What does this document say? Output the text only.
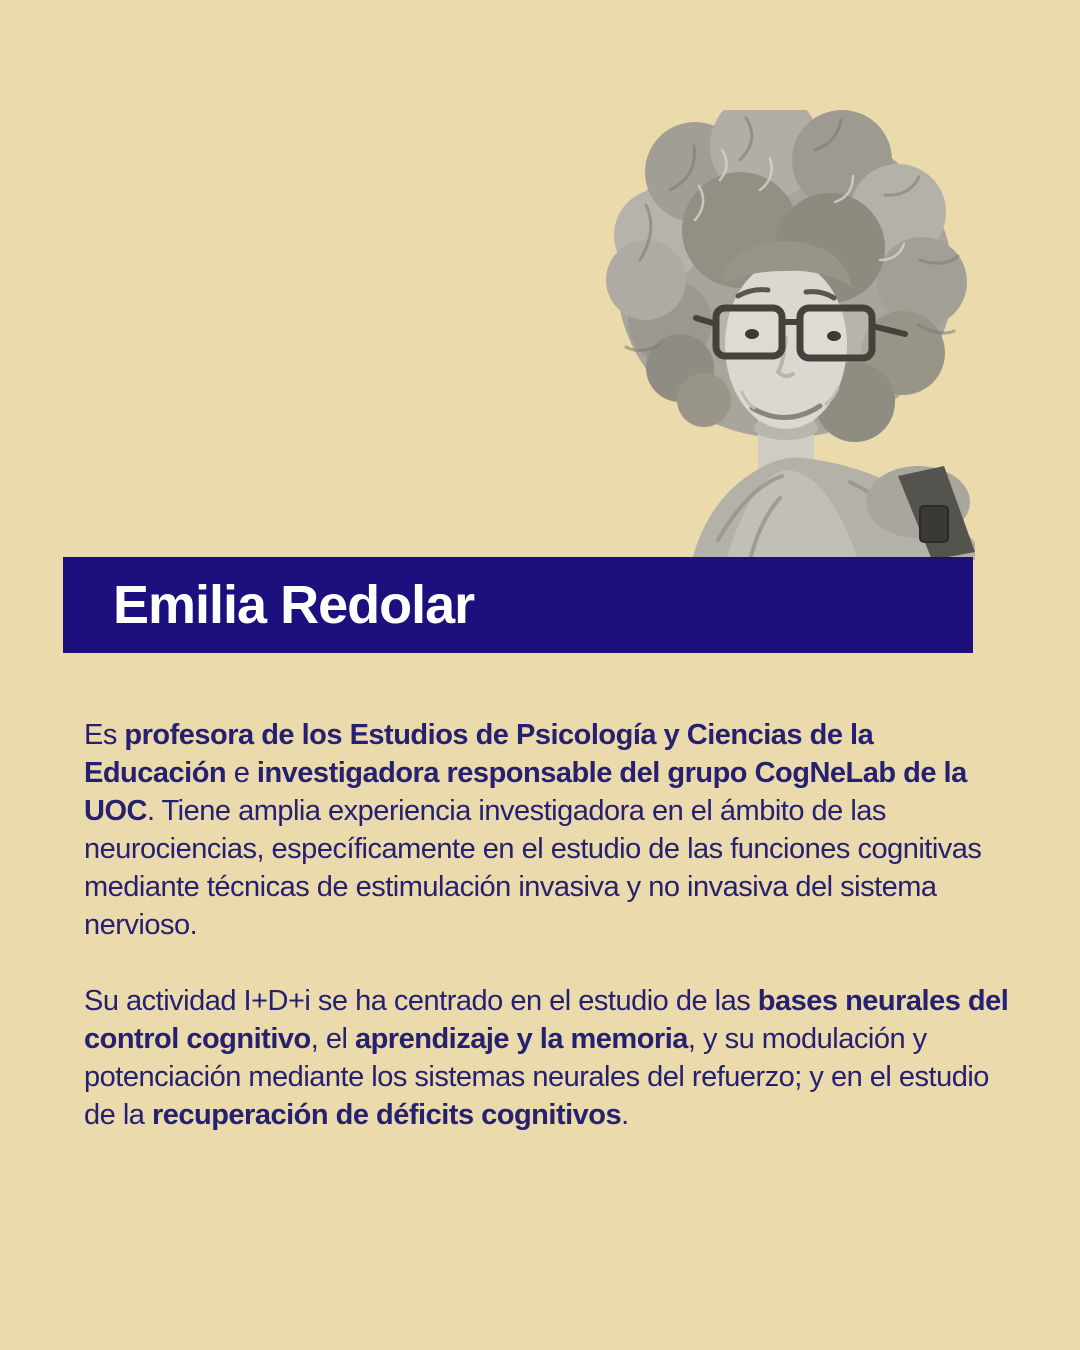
Emilia Redolar

Es profesora de los Estudios de Psicología y Ciencias de la Educación e investigadora responsable del grupo CogNeLab de la UOC. Tiene amplia experiencia investigadora en el ámbito de las neurociencias, específicamente en el estudio de las funciones cognitivas mediante técnicas de estimulación invasiva y no invasiva del sistema nervioso.

Su actividad I+D+i se ha centrado en el estudio de las bases neurales del control cognitivo, el aprendizaje y la memoria, y su modulación y potenciación mediante los sistemas neurales del refuerzo; y en el estudio de la recuperación de déficits cognitivos.
